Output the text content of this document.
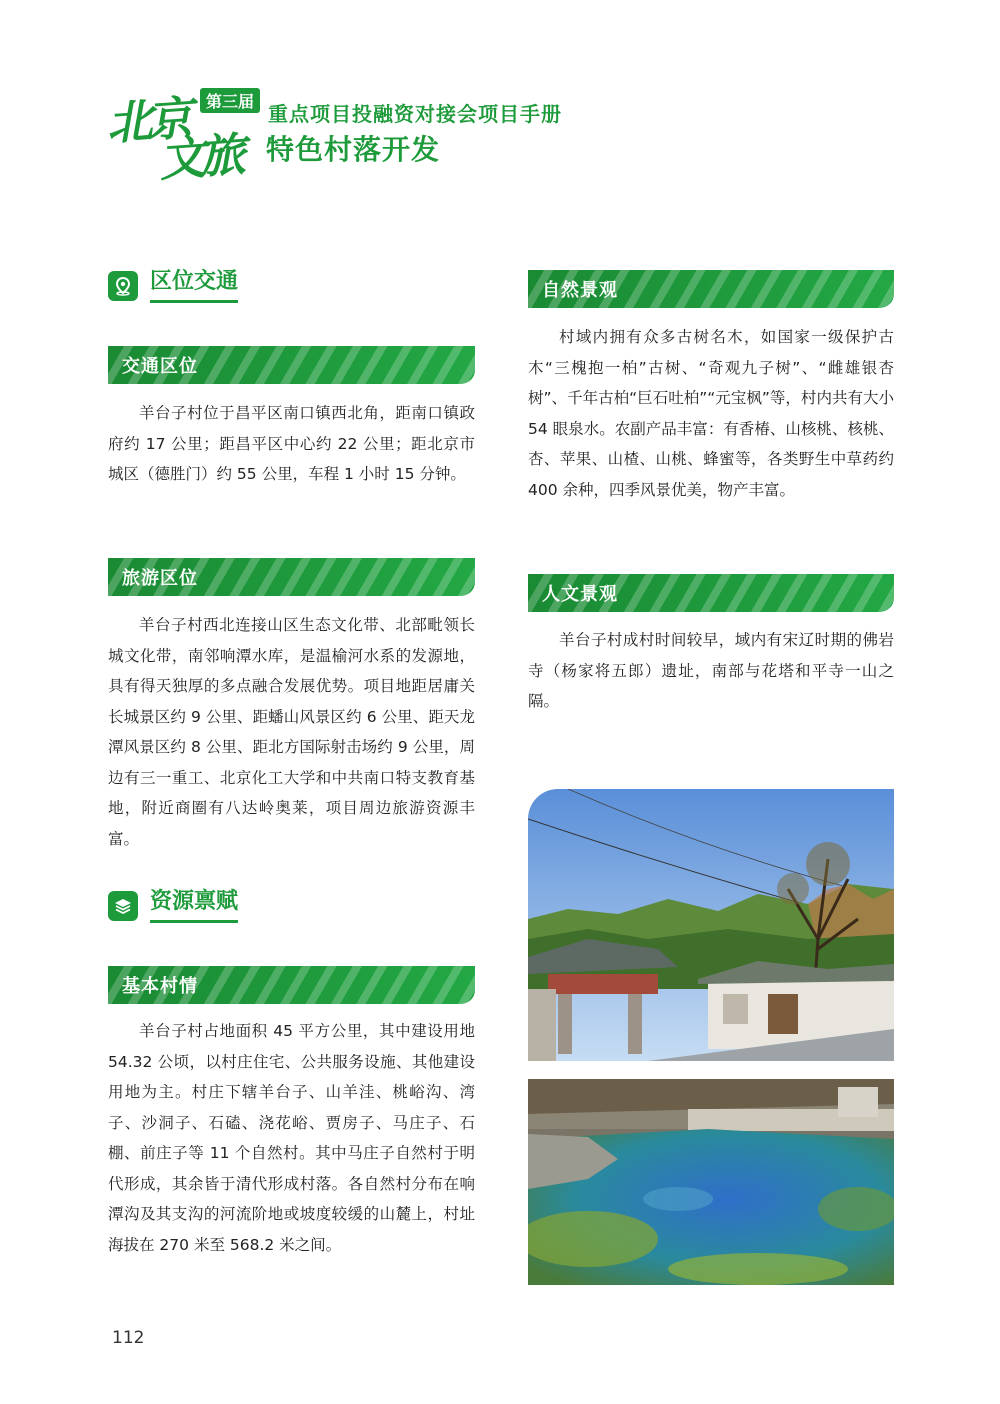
北京
文旅
第三届
重点项目投融资对接会项目手册
特色村落开发
区位交通
交通区位

羊台子村位于昌平区南口镇西北角，距南口镇政府约 17 公里；距昌平区中心约 22 公里；距北京市城区（德胜门）约 55 公里，车程 1 小时 15 分钟。

旅游区位

羊台子村西北连接山区生态文化带、北部毗领长城文化带，南邻响潭水库，是温榆河水系的发源地，具有得天独厚的多点融合发展优势。项目地距居庸关长城景区约 9 公里、距蟠山风景区约 6 公里、距天龙潭风景区约 8 公里、距北方国际射击场约 9 公里，周边有三一重工、北京化工大学和中共南口特支教育基地，附近商圈有八达岭奥莱，项目周边旅游资源丰富。

资源禀赋
基本村情

羊台子村占地面积 45 平方公里，其中建设用地 54.32 公顷，以村庄住宅、公共服务设施、其他建设用地为主。村庄下辖羊台子、山羊洼、桃峪沟、湾子、沙洞子、石磕、浇花峪、贾房子、马庄子、石棚、前庄子等 11 个自然村。其中马庄子自然村于明代形成，其余皆于清代形成村落。各自然村分布在响潭沟及其支沟的河流阶地或坡度较缓的山麓上，村址海拔在 270 米至 568.2 米之间。

自然景观

村域内拥有众多古树名木，如国家一级保护古木“三槐抱一柏”古树、“奇观九子树”、“雌雄银杏树”、千年古柏“巨石吐柏”“元宝枫”等，村内共有大小 54 眼泉水。农副产品丰富：有香椿、山核桃、核桃、杏、苹果、山楂、山桃、蜂蜜等，各类野生中草药约 400 余种，四季风景优美，物产丰富。

人文景观

羊台子村成村时间较早，域内有宋辽时期的佛岩寺（杨家将五郎）遗址，南部与花塔和平寺一山之隔。

112
